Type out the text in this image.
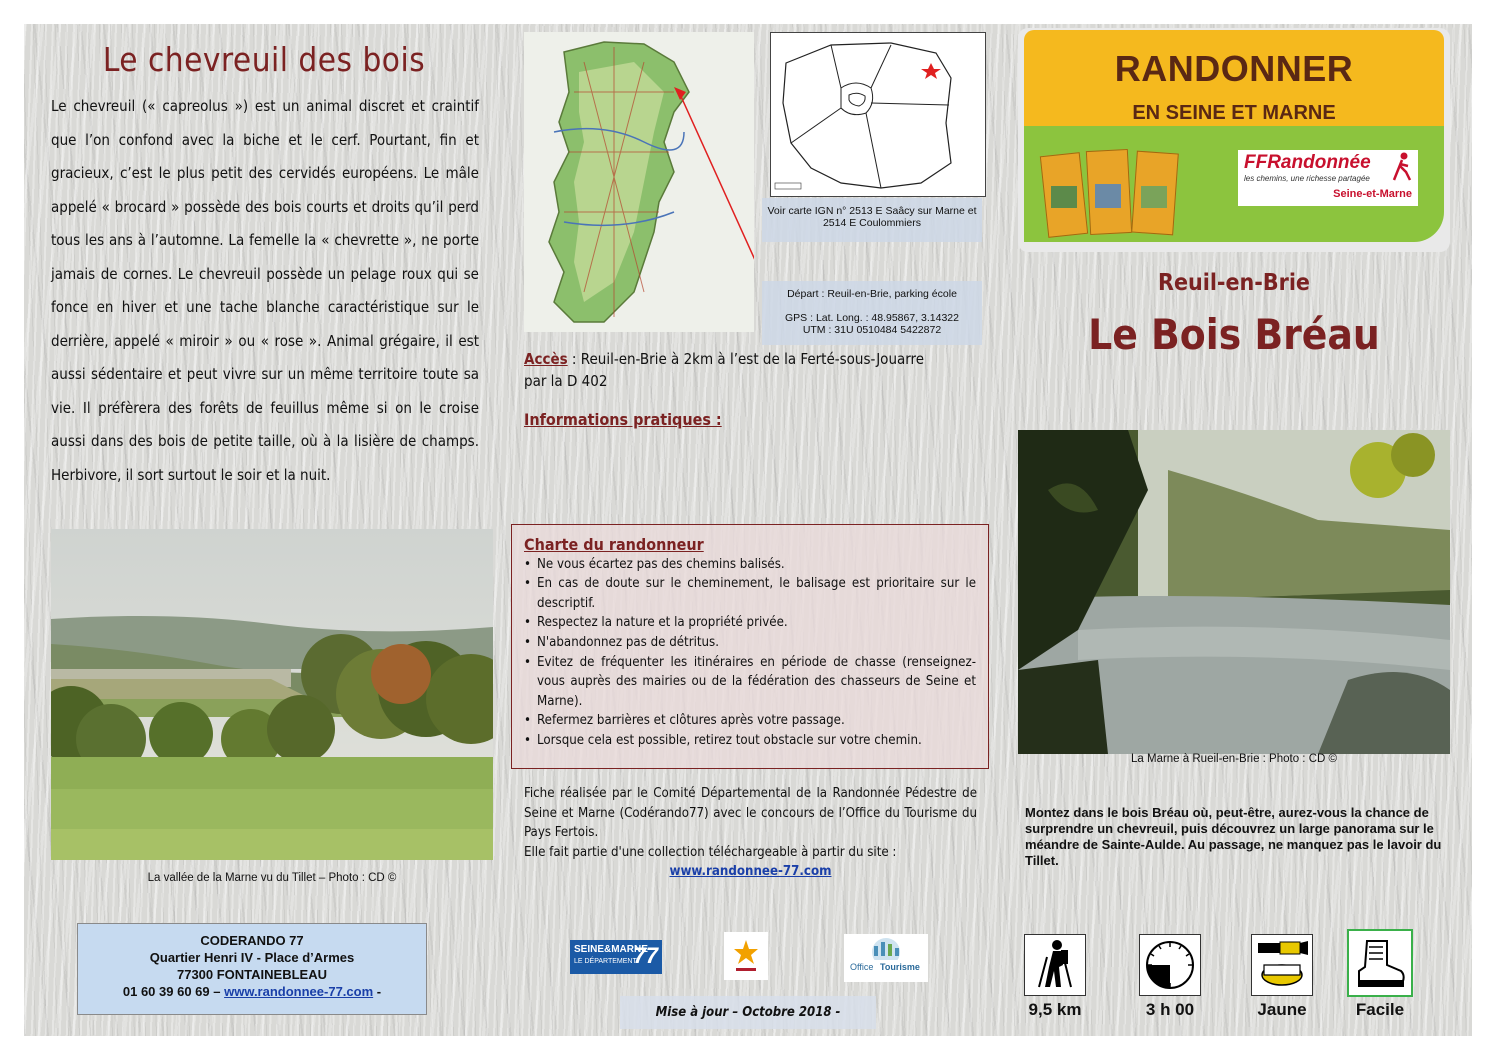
Le chevreuil des bois
Le chevreuil (« capreolus ») est un animal discret et craintif que l’on confond avec la biche et le cerf. Pourtant, fin et gracieux, c’est le plus petit des cervidés européens. Le mâle appelé « brocard » possède des bois courts et droits qu’il perd tous les ans à l’automne. La femelle la « chevrette », ne porte jamais de cornes. Le chevreuil possède un pelage roux qui se fonce en hiver et une tache blanche caractéristique sur le derrière, appelé « miroir » ou « rose ». Animal grégaire, il est aussi sédentaire et peut vivre sur un même territoire toute sa vie. Il préfèrera des forêts de feuillus même si on le croise aussi dans des bois de petite taille, où à la lisière de champs. Herbivore, il sort surtout le soir et la nuit.
La vallée de la Marne vu du Tillet – Photo : CD ©
CODERANDO 77
Quartier Henri IV - Place d’Armes
77300 FONTAINEBLEAU
01 60 39 60 69 – www.randonnee-77.com -
Voir carte IGN n° 2513 E Saâcy sur Marne et 2514 E Coulommiers
Départ : Reuil-en-Brie, parking école
GPS : Lat. Long. : 48.95867, 3.14322
UTM : 31U 0510484 5422872
Accès : Reuil-en-Brie à 2km à l’est de la Ferté-sous-Jouarre par la D 402
Informations pratiques :
Charte du randonneur
• Ne vous écartez pas des chemins balisés.
• En cas de doute sur le cheminement, le balisage est prioritaire sur le descriptif.
• Respectez la nature et la propriété privée.
• N'abandonnez pas de détritus.
• Evitez de fréquenter les itinéraires en période de chasse (renseignez-vous auprès des mairies ou de la fédération des chasseurs de Seine et Marne).
• Refermez barrières et clôtures après votre passage.
• Lorsque cela est possible, retirez tout obstacle sur votre chemin.
Fiche réalisée par le Comité Départemental de la Randonnée Pédestre de Seine et Marne (Codérando77) avec le concours de l’Office du Tourisme du Pays Fertois.
Elle fait partie d'une collection téléchargeable à partir du site :
www.randonnee-77.com
SEINE&MARNE
LE DÉPARTEMENT
77	Office Tourisme
Mise à jour – Octobre 2018 -
RANDONNER
EN SEINE ET MARNE
FFRandonnée
les chemins, une richesse partagée
Seine-et-Marne
Reuil-en-Brie
Le Bois Bréau
La Marne à Rueil-en-Brie : Photo : CD ©
Montez dans le bois Bréau où, peut-être, aurez-vous la chance de surprendre un chevreuil, puis découvrez un large panorama sur le méandre de Sainte-Aulde. Au passage, ne manquez pas le lavoir du Tillet.
9,5 km	3 h 00	Jaune	Facile
